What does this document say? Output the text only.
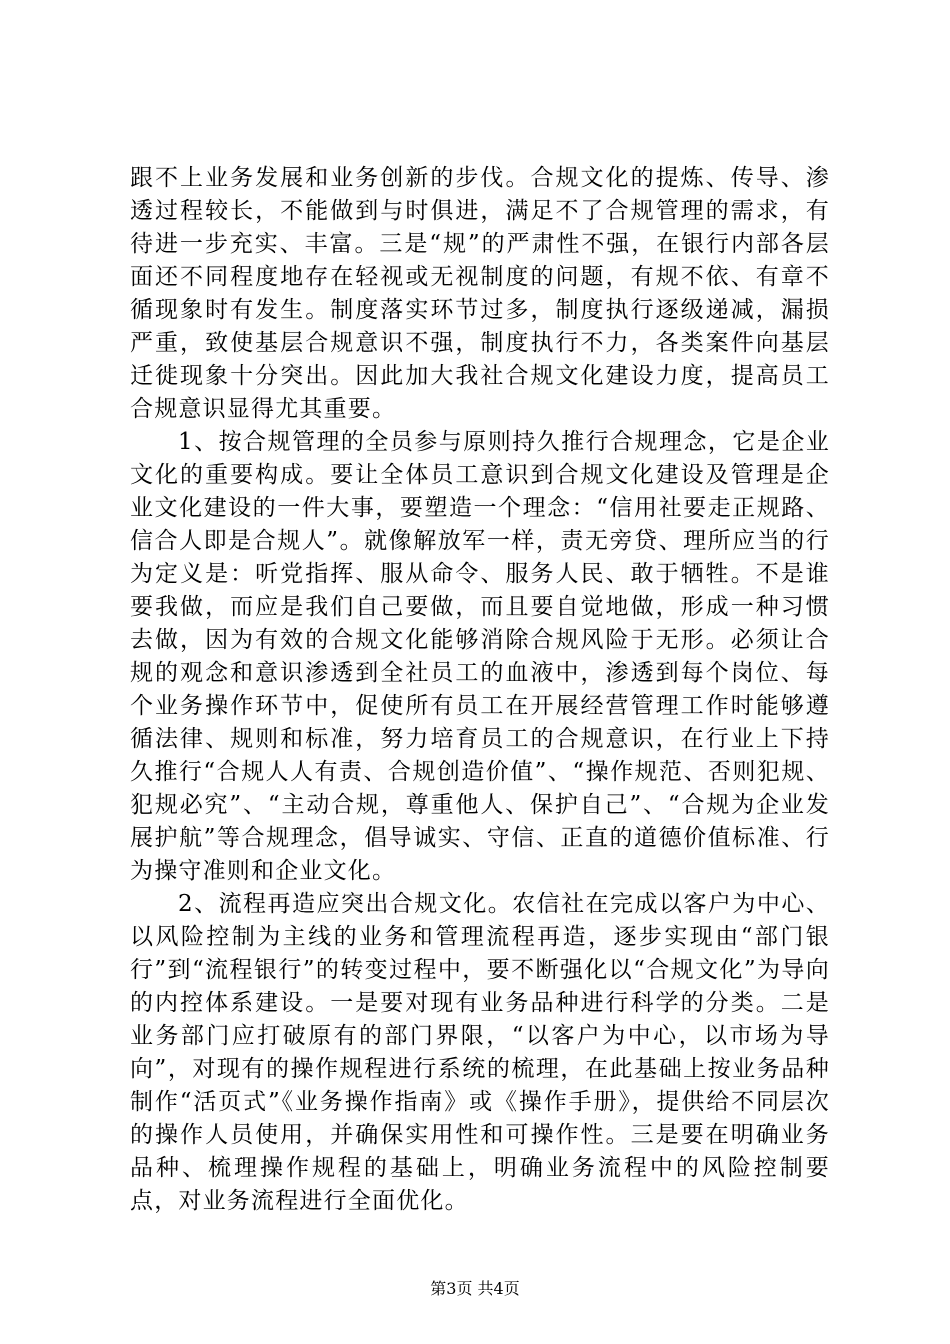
跟不上业务发展和业务创新的步伐。合规文化的提炼、传导、渗透过程较长，不能做到与时俱进，满足不了合规管理的需求，有待进一步充实、丰富。三是“规”的严肃性不强，在银行内部各层面还不同程度地存在轻视或无视制度的问题，有规不依、有章不循现象时有发生。制度落实环节过多，制度执行逐级递减，漏损严重，致使基层合规意识不强，制度执行不力，各类案件向基层迁徙现象十分突出。因此加大我社合规文化建设力度，提高员工合规意识显得尤其重要。

1、按合规管理的全员参与原则持久推行合规理念，它是企业文化的重要构成。要让全体员工意识到合规文化建设及管理是企业文化建设的一件大事，要塑造一个理念：“信用社要走正规路、信合人即是合规人”。就像解放军一样，责无旁贷、理所应当的行为定义是：听党指挥、服从命令、服务人民、敢于牺牲。不是谁要我做，而应是我们自己要做，而且要自觉地做，形成一种习惯去做，因为有效的合规文化能够消除合规风险于无形。必须让合规的观念和意识渗透到全社员工的血液中，渗透到每个岗位、每个业务操作环节中，促使所有员工在开展经营管理工作时能够遵循法律、规则和标准，努力培育员工的合规意识，在行业上下持久推行“合规人人有责、合规创造价值”、“操作规范、否则犯规、犯规必究”、“主动合规，尊重他人、保护自己”、“合规为企业发展护航”等合规理念，倡导诚实、守信、正直的道德价值标准、行为操守准则和企业文化。

2、流程再造应突出合规文化。农信社在完成以客户为中心、以风险控制为主线的业务和管理流程再造，逐步实现由“部门银行”到“流程银行”的转变过程中，要不断强化以“合规文化”为导向的内控体系建设。一是要对现有业务品种进行科学的分类。二是业务部门应打破原有的部门界限，“以客户为中心，以市场为导向”，对现有的操作规程进行系统的梳理，在此基础上按业务品种制作“活页式”《业务操作指南》或《操作手册》，提供给不同层次的操作人员使用，并确保实用性和可操作性。三是要在明确业务品种、梳理操作规程的基础上，明确业务流程中的风险控制要点，对业务流程进行全面优化。

第3页 共4页
